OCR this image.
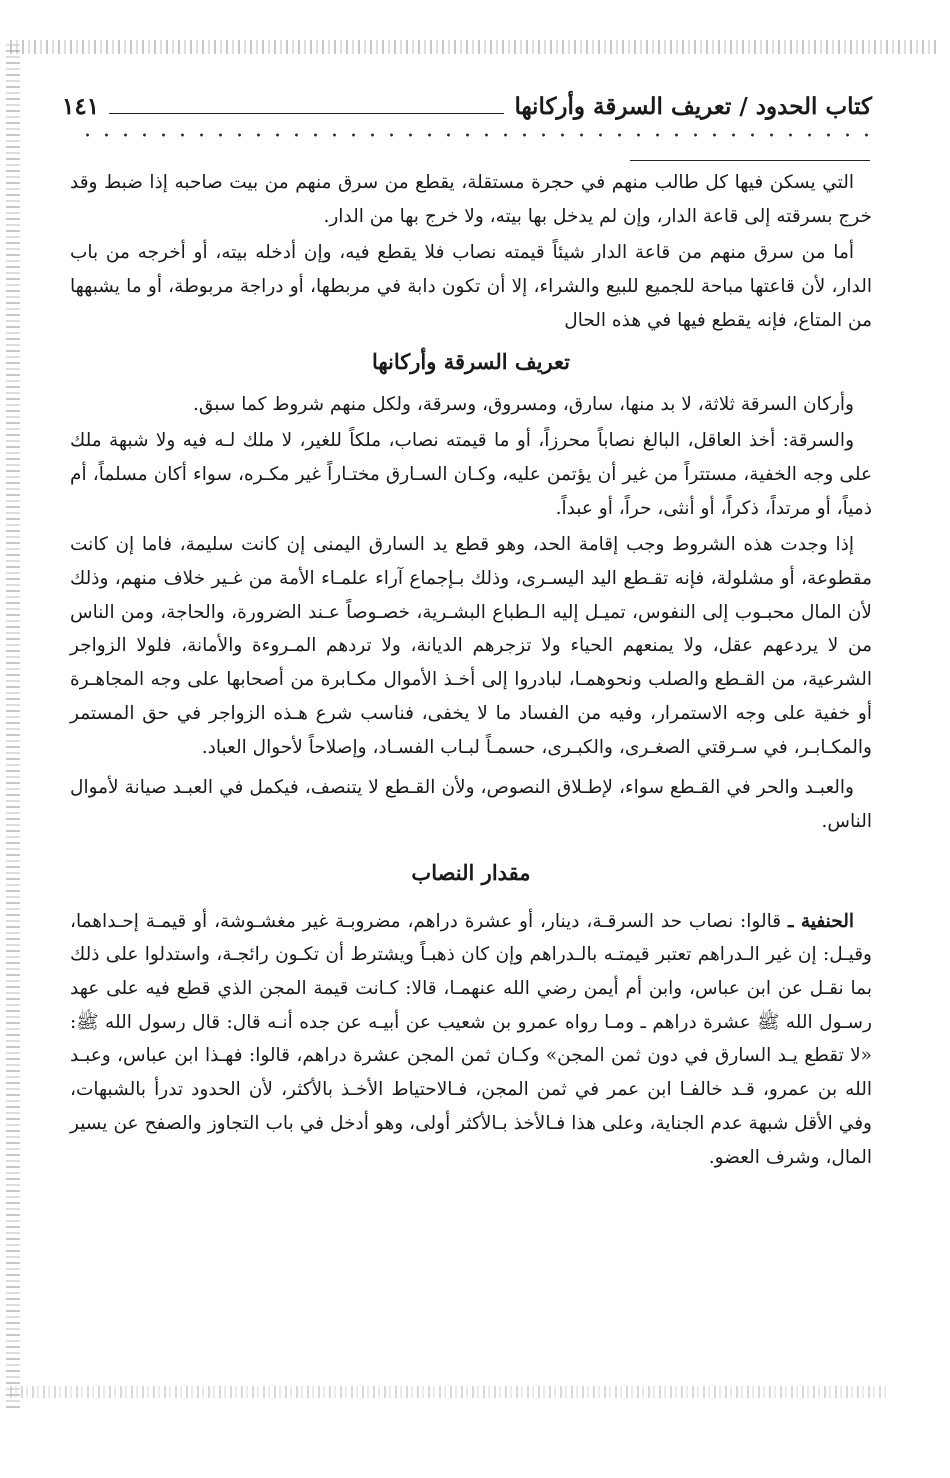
كتاب الحدود / تعريف السرقة وأركانها
١٤١

التي يسكن فيها كل طالب منهم في حجرة مستقلة، يقطع من سرق منهم من بيت صاحبه إذا ضبط وقد خرج بسرقته إلى قاعة الدار، وإن لم يدخل بها بيته، ولا خرج بها من الدار.

أما من سرق منهم من قاعة الدار شيئاً قيمته نصاب فلا يقطع فيه، وإن أدخله بيته، أو أخرجه من باب الدار، لأن قاعتها مباحة للجميع للبيع والشراء، إلا أن تكون دابة في مربطها، أو دراجة مربوطة، أو ما يشبهها من المتاع، فإنه يقطع فيها في هذه الحال

تعريف السرقة وأركانها

وأركان السرقة ثلاثة، لا بد منها، سارق، ومسروق، وسرقة، ولكل منهم شروط كما سبق.

والسرقة: أخذ العاقل، البالغ نصاباً محرزاً، أو ما قيمته نصاب، ملكاً للغير، لا ملك لـه فيه ولا شبهة ملك على وجه الخفية، مستتراً من غير أن يؤتمن عليه، وكـان السـارق مختـاراً غير مكـره، سواء أكان مسلماً، أم ذمياً، أو مرتداً، ذكراً، أو أنثى، حراً، أو عبداً.

إذا وجدت هذه الشروط وجب إقامة الحد، وهو قطع يد السارق اليمنى إن كانت سليمة، فاما إن كانت مقطوعة، أو مشلولة، فإنه تقـطع اليد اليسـرى، وذلك بـإجماع آراء علمـاء الأمة من غـير خلاف منهم، وذلك لأن المال محبـوب إلى النفوس، تميـل إليه الـطباع البشـرية، خصـوصاً عـند الضرورة، والحاجة، ومن الناس من لا يردعهم عقل، ولا يمنعهم الحياء ولا تزجرهم الديانة، ولا تردهم المـروءة والأمانة، فلولا الزواجر الشرعية، من القـطع والصلب ونحوهمـا، لبادروا إلى أخـذ الأموال مكـابرة من أصحابها على وجه المجاهـرة أو خفية على وجه الاستمرار، وفيه من الفساد ما لا يخفى، فناسب شرع هـذه الزواجر في حق المستمر والمكـابـر، في سـرقتي الصغـرى، والكبـرى، حسمـاً لبـاب الفسـاد، وإصلاحاً لأحوال العباد.

والعبـد والحر في القـطع سواء، لإطـلاق النصوص، ولأن القـطع لا يتنصف، فيكمل في العبـد صيانة لأموال الناس.

مقدار النصاب

الحنفية ـ قالوا: نصاب حد السرقـة، دينار، أو عشرة دراهم، مضروبـة غير مغشـوشة، أو قيمـة إحـداهما، وقيـل: إن غير الـدراهم تعتبر قيمتـه بالـدراهم وإن كان ذهبـاً ويشترط أن تكـون رائجـة، واستدلوا على ذلك بما نقـل عن ابن عباس، وابن أم أيمن رضي الله عنهمـا، قالا: كـانت قيمة المجن الذي قطع فيه على عهد رسـول الله ﷺ عشرة دراهم ـ ومـا رواه عمرو بن شعيب عن أبيـه عن جده أنـه قال: قال رسول الله ﷺ: «لا تقطع يـد السارق في دون ثمن المجن» وكـان ثمن المجن عشرة دراهم، قالوا: فهـذا ابن عباس، وعبـد الله بن عمرو، قـد خالفـا ابن عمر في ثمن المجن، فـالاحتياط الأخـذ بالأكثر، لأن الحدود تدرأ بالشبهات، وفي الأقل شبهة عدم الجناية، وعلى هذا فـالأخذ بـالأكثر أولى، وهو أدخل في باب التجاوز والصفح عن يسير المال، وشرف العضو.
